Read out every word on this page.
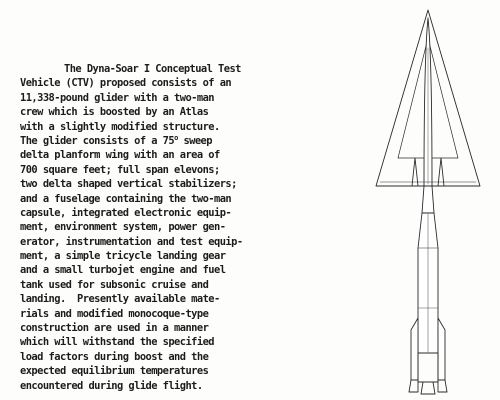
The Dyna-Soar I Conceptual Test
Vehicle (CTV) proposed consists of an
11,338-pound glider with a two-man
crew which is boosted by an Atlas
with a slightly modified structure.
The glider consists of a 75$^o$ sweep
delta planform wing with an area of
700 square feet; full span elevons;
two delta shaped vertical stabilizers;
and a fuselage containing the two-man
capsule, integrated electronic equip-
ment, environment system, power gen-
erator, instrumentation and test equip-
ment, a simple tricycle landing gear
and a small turbojet engine and fuel
tank used for subsonic cruise and
landing.  Presently available mate-
rials and modified monocoque-type
construction are used in a manner
which will withstand the specified
load factors during boost and the
expected equilibrium temperatures
encountered during glide flight.
